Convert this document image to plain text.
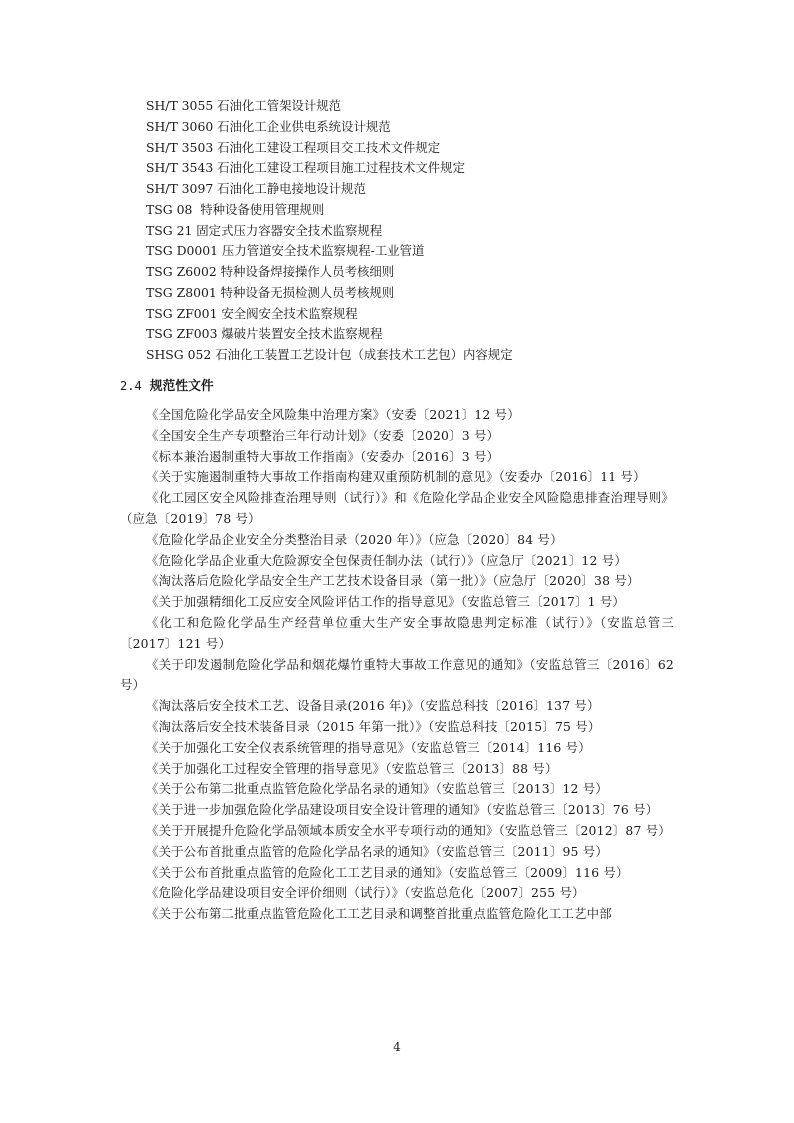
SH/T 3055 石油化工管架设计规范
SH/T 3060 石油化工企业供电系统设计规范
SH/T 3503 石油化工建设工程项目交工技术文件规定
SH/T 3543 石油化工建设工程项目施工过程技术文件规定
SH/T 3097 石油化工静电接地设计规范
TSG 08  特种设备使用管理规则
TSG 21 固定式压力容器安全技术监察规程
TSG D0001 压力管道安全技术监察规程-工业管道
TSG Z6002 特种设备焊接操作人员考核细则
TSG Z8001 特种设备无损检测人员考核规则
TSG ZF001 安全阀安全技术监察规程
TSG ZF003 爆破片装置安全技术监察规程
SHSG 052 石油化工装置工艺设计包（成套技术工艺包）内容规定
2.4 规范性文件
《全国危险化学品安全风险集中治理方案》（安委〔2021〕12 号）
《全国安全生产专项整治三年行动计划》（安委〔2020〕3 号）
《标本兼治遏制重特大事故工作指南》（安委办〔2016〕3 号）
《关于实施遏制重特大事故工作指南构建双重预防机制的意见》（安委办〔2016〕11 号）
《化工园区安全风险排查治理导则（试行）》和《危险化学品企业安全风险隐患排查治理导则》（应急〔2019〕78 号）
《危险化学品企业安全分类整治目录（2020 年）》（应急〔2020〕84 号）
《危险化学品企业重大危险源安全包保责任制办法（试行）》（应急厅〔2021〕12 号）
《淘汰落后危险化学品安全生产工艺技术设备目录（第一批）》（应急厅〔2020〕38 号）
《关于加强精细化工反应安全风险评估工作的指导意见》（安监总管三〔2017〕1 号）
《化工和危险化学品生产经营单位重大生产安全事故隐患判定标准（试行）》（安监总管三〔2017〕121 号）
《关于印发遏制危险化学品和烟花爆竹重特大事故工作意见的通知》（安监总管三〔2016〕62 号）
《淘汰落后安全技术工艺、设备目录(2016 年)》（安监总科技〔2016〕137 号）
《淘汰落后安全技术装备目录（2015 年第一批）》（安监总科技〔2015〕75 号）
《关于加强化工安全仪表系统管理的指导意见》（安监总管三〔2014〕116 号）
《关于加强化工过程安全管理的指导意见》（安监总管三〔2013〕88 号）
《关于公布第二批重点监管危险化学品名录的通知》（安监总管三〔2013〕12 号）
《关于进一步加强危险化学品建设项目安全设计管理的通知》（安监总管三〔2013〕76 号）
《关于开展提升危险化学品领域本质安全水平专项行动的通知》（安监总管三〔2012〕87 号）
《关于公布首批重点监管的危险化学品名录的通知》（安监总管三〔2011〕95 号）
《关于公布首批重点监管的危险化工工艺目录的通知》（安监总管三〔2009〕116 号）
《危险化学品建设项目安全评价细则（试行）》（安监总危化〔2007〕255 号）
《关于公布第二批重点监管危险化工工艺目录和调整首批重点监管危险化工工艺中部
4
